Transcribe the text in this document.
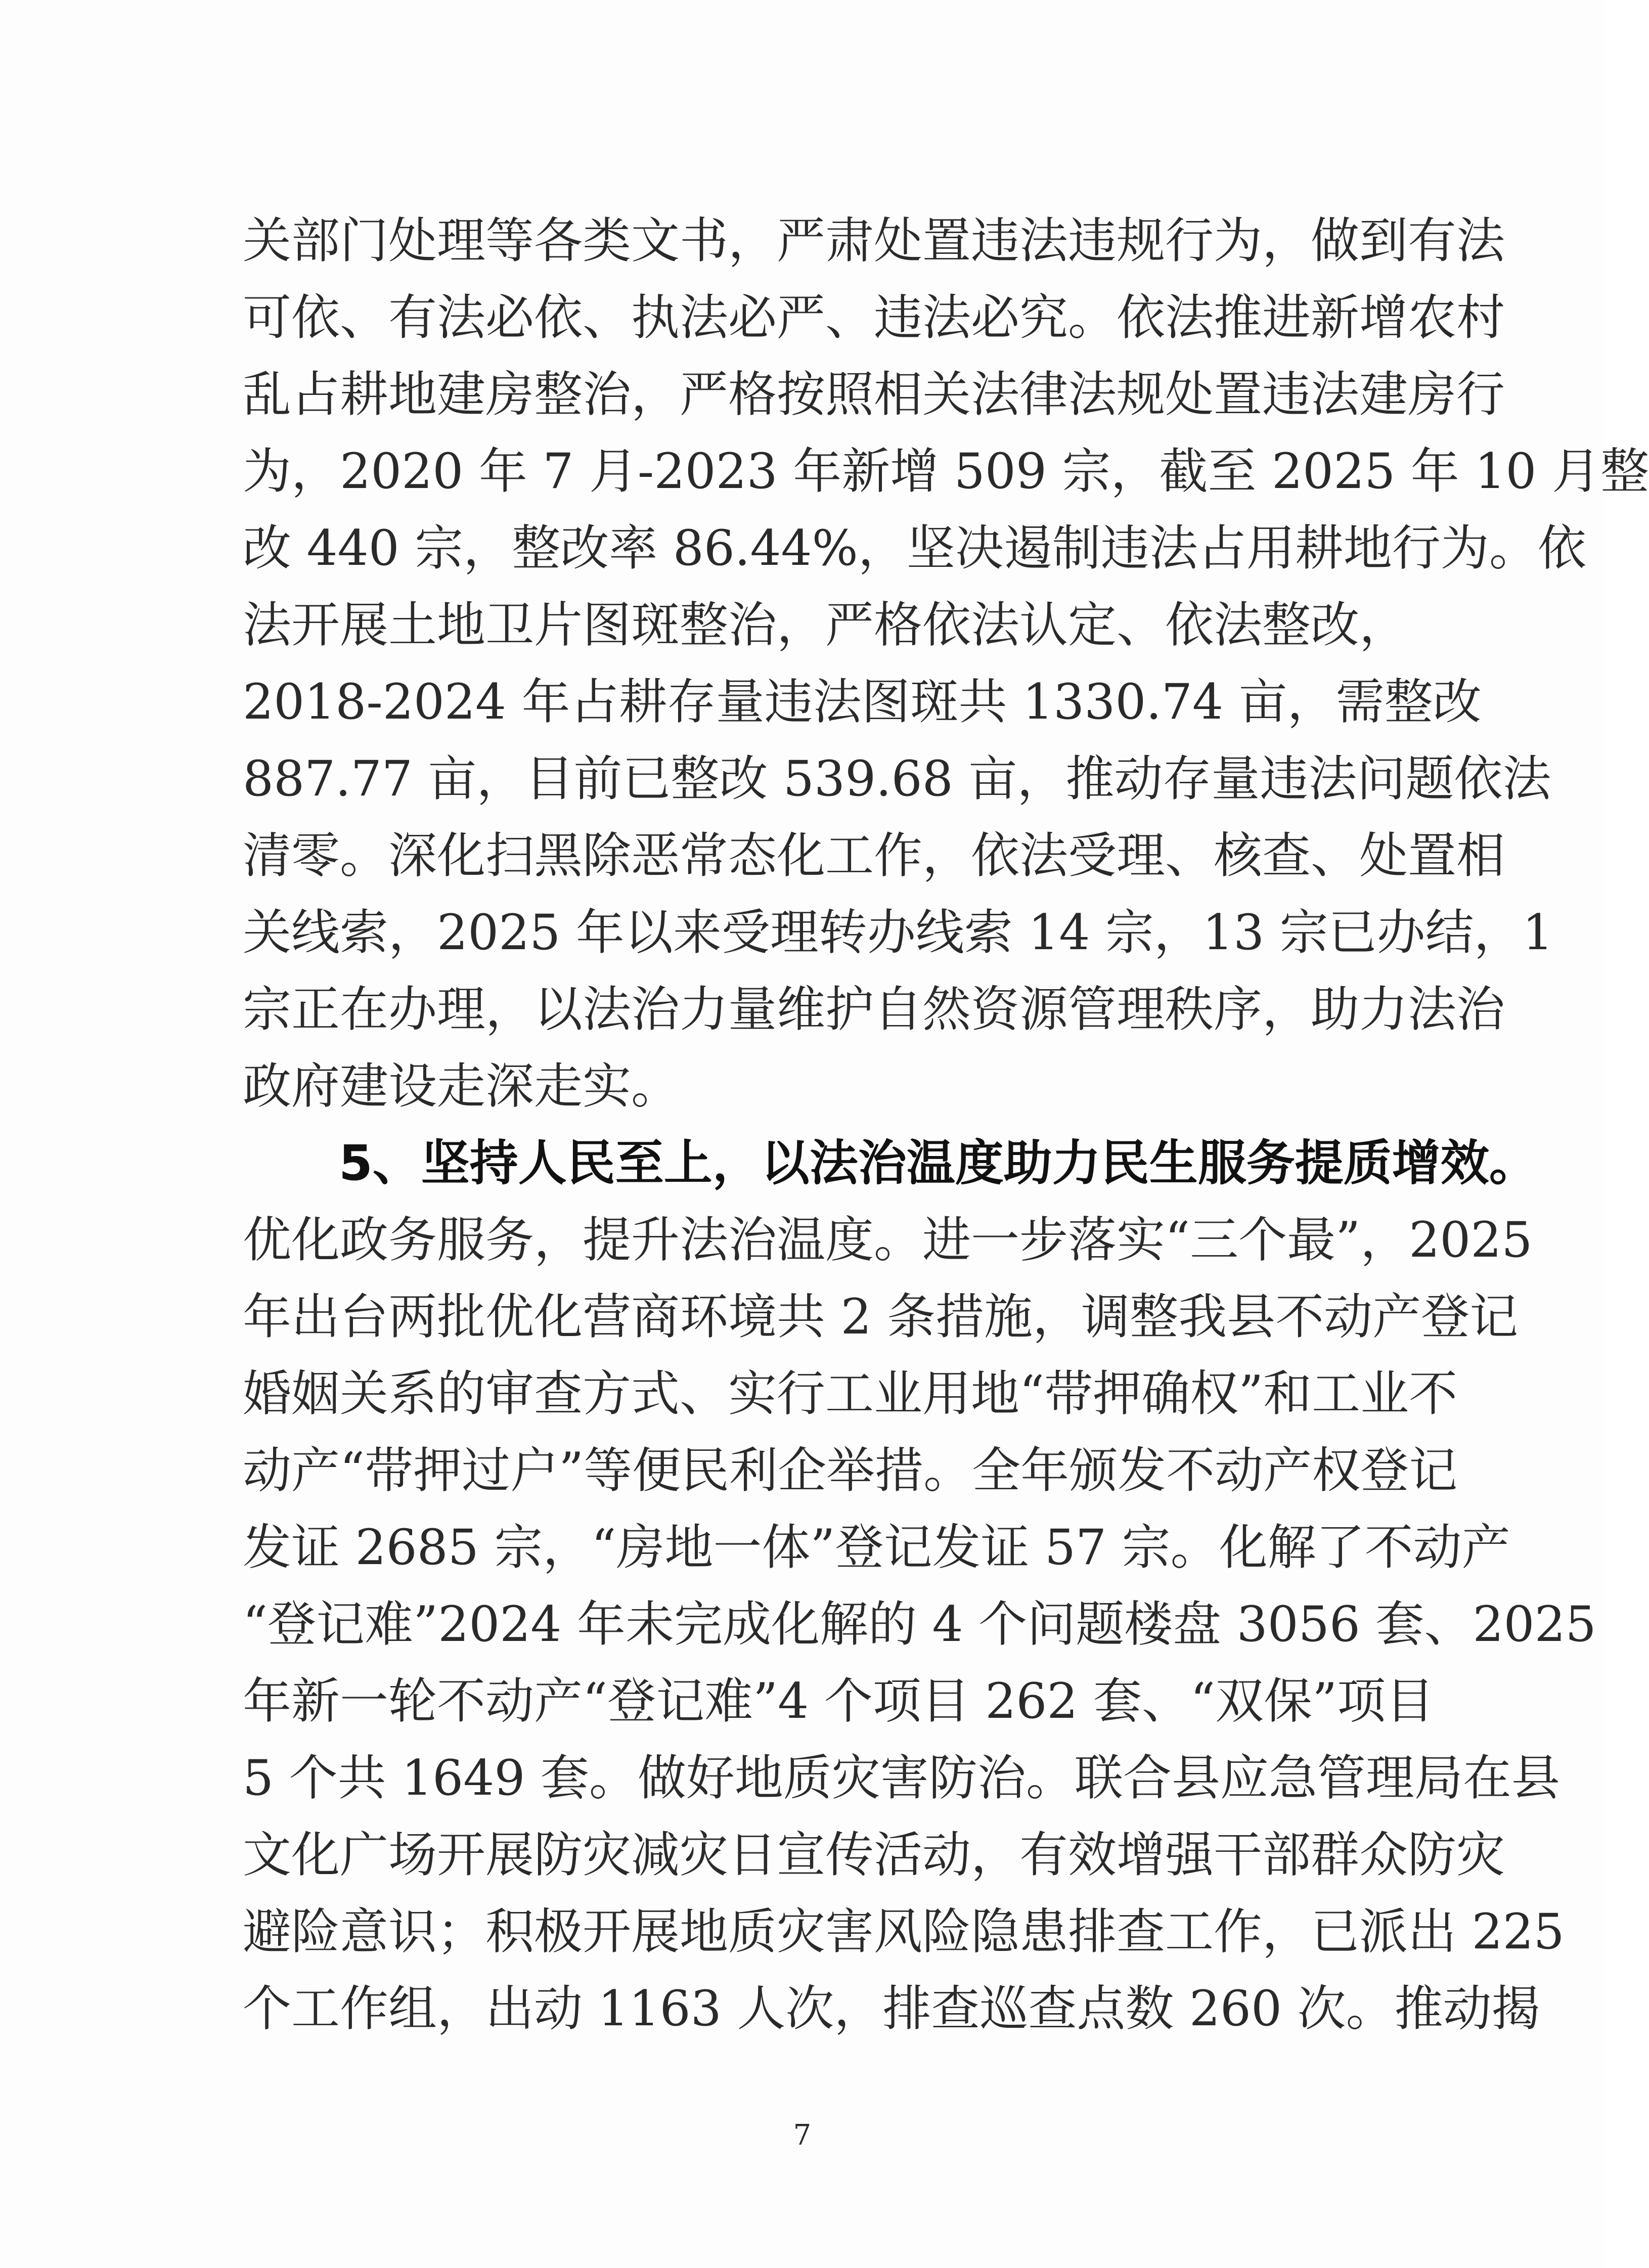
关部门处理等各类文书，严肃处置违法违规行为，做到有法
可依、有法必依、执法必严、违法必究。依法推进新增农村
乱占耕地建房整治，严格按照相关法律法规处置违法建房行
为，2020 年 7 月-2023 年新增 509 宗，截至 2025 年 10 月整
改 440 宗，整改率 86.44%，坚决遏制违法占用耕地行为。依
法开展土地卫片图斑整治，严格依法认定、依法整改，
2018-2024 年占耕存量违法图斑共 1330.74 亩，需整改
887.77 亩，目前已整改 539.68 亩，推动存量违法问题依法
清零。深化扫黑除恶常态化工作，依法受理、核查、处置相
关线索，2025 年以来受理转办线索 14 宗，13 宗已办结，1
宗正在办理，以法治力量维护自然资源管理秩序，助力法治
政府建设走深走实。
5、坚持人民至上，以法治温度助力民生服务提质增效。
优化政务服务，提升法治温度。进一步落实“三个最”，2025
年出台两批优化营商环境共 2 条措施，调整我县不动产登记
婚姻关系的审查方式、实行工业用地“带押确权”和工业不
动产“带押过户”等便民利企举措。全年颁发不动产权登记
发证 2685 宗，“房地一体”登记发证 57 宗。化解了不动产
“登记难”2024 年未完成化解的 4 个问题楼盘 3056 套、2025
年新一轮不动产“登记难”4 个项目 262 套、“双保”项目
5 个共 1649 套。做好地质灾害防治。联合县应急管理局在县
文化广场开展防灾减灾日宣传活动，有效增强干部群众防灾
避险意识；积极开展地质灾害风险隐患排查工作，已派出 225
个工作组，出动 1163 人次，排查巡查点数 260 次。推动揭
7
